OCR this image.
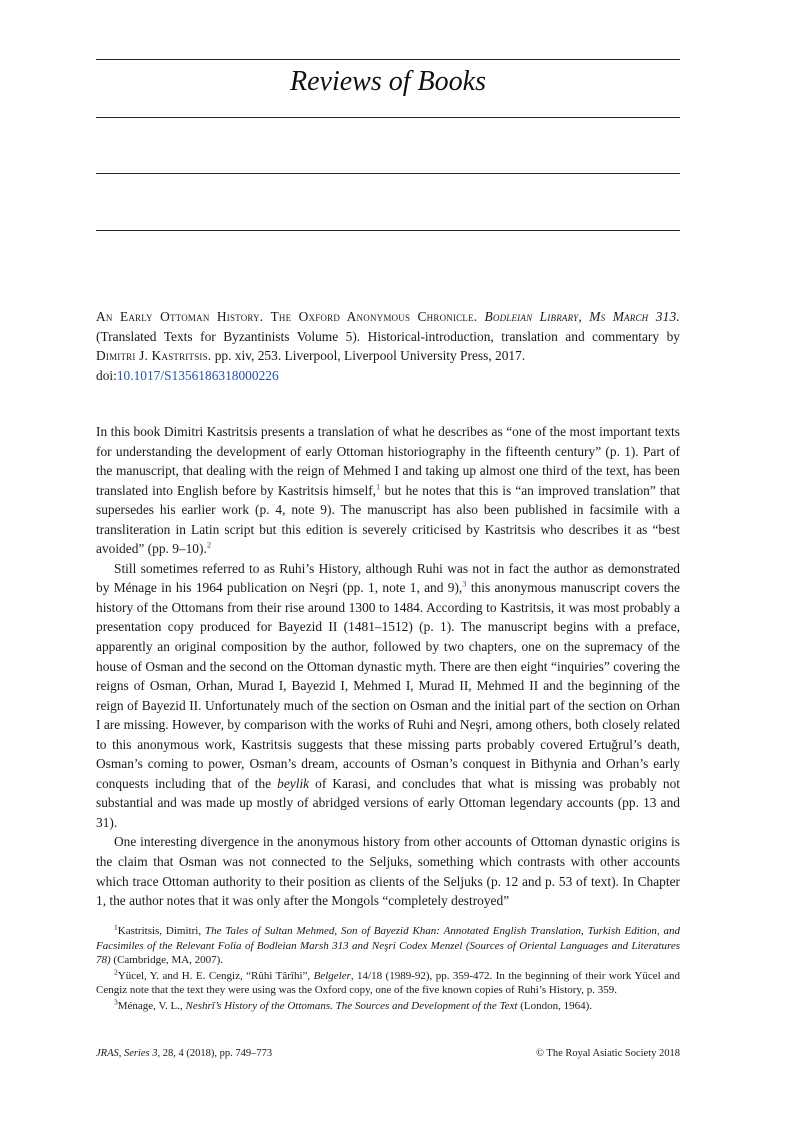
Reviews of Books
An Early Ottoman History. The Oxford Anonymous Chronicle. Bodleian Library, Ms March 313. (Translated Texts for Byzantinists Volume 5). Historical-introduction, translation and commentary by Dimitri J. Kastritsis. pp. xiv, 253. Liverpool, Liverpool University Press, 2017.
doi:10.1017/S1356186318000226

In this book Dimitri Kastritsis presents a translation of what he describes as “one of the most important texts for understanding the development of early Ottoman historiography in the fifteenth century” (p. 1). Part of the manuscript, that dealing with the reign of Mehmed I and taking up almost one third of the text, has been translated into English before by Kastritsis himself,$^1$ but he notes that this is “an improved translation” that supersedes his earlier work (p. 4, note 9). The manuscript has also been published in facsimile with a transliteration in Latin script but this edition is severely criticised by Kastritsis who describes it as “best avoided” (pp. 9–10).$^2$

Still sometimes referred to as Ruhi’s History, although Ruhi was not in fact the author as demonstrated by Ménage in his 1964 publication on Neşri (pp. 1, note 1, and 9),$^3$ this anonymous manuscript covers the history of the Ottomans from their rise around 1300 to 1484. According to Kastritsis, it was most probably a presentation copy produced for Bayezid II (1481–1512) (p. 1). The manuscript begins with a preface, apparently an original composition by the author, followed by two chapters, one on the supremacy of the house of Osman and the second on the Ottoman dynastic myth. There are then eight “inquiries” covering the reigns of Osman, Orhan, Murad I, Bayezid I, Mehmed I, Murad II, Mehmed II and the beginning of the reign of Bayezid II. Unfortunately much of the section on Osman and the initial part of the section on Orhan I are missing. However, by comparison with the works of Ruhi and Neşri, among others, both closely related to this anonymous work, Kastritsis suggests that these missing parts probably covered Ertuğrul’s death, Osman’s coming to power, Osman’s dream, accounts of Osman’s conquest in Bithynia and Orhan’s early conquests including that of the beylik of Karasi, and concludes that what is missing was probably not substantial and was made up mostly of abridged versions of early Ottoman legendary accounts (pp. 13 and 31).

One interesting divergence in the anonymous history from other accounts of Ottoman dynastic origins is the claim that Osman was not connected to the Seljuks, something which contrasts with other accounts which trace Ottoman authority to their position as clients of the Seljuks (p. 12 and p. 53 of text). In Chapter 1, the author notes that it was only after the Mongols “completely destroyed”

$^1$Kastritsis, Dimitri, The Tales of Sultan Mehmed, Son of Bayezid Khan: Annotated English Translation, Turkish Edition, and Facsimiles of the Relevant Folia of Bodleian Marsh 313 and Neşri Codex Menzel (Sources of Oriental Languages and Literatures 78) (Cambridge, MA, 2007).

$^2$Yücel, Y. and H. E. Cengiz, “Rûhi Târîhi”, Belgeler, 14/18 (1989-92), pp. 359-472. In the beginning of their work Yücel and Cengiz note that the text they were using was the Oxford copy, one of the five known copies of Ruhi’s History, p. 359.

$^3$Ménage, V. L., Neshrī’s History of the Ottomans. The Sources and Development of the Text (London, 1964).

JRAS, Series 3, 28, 4 (2018), pp. 749–773	© The Royal Asiatic Society 2018
